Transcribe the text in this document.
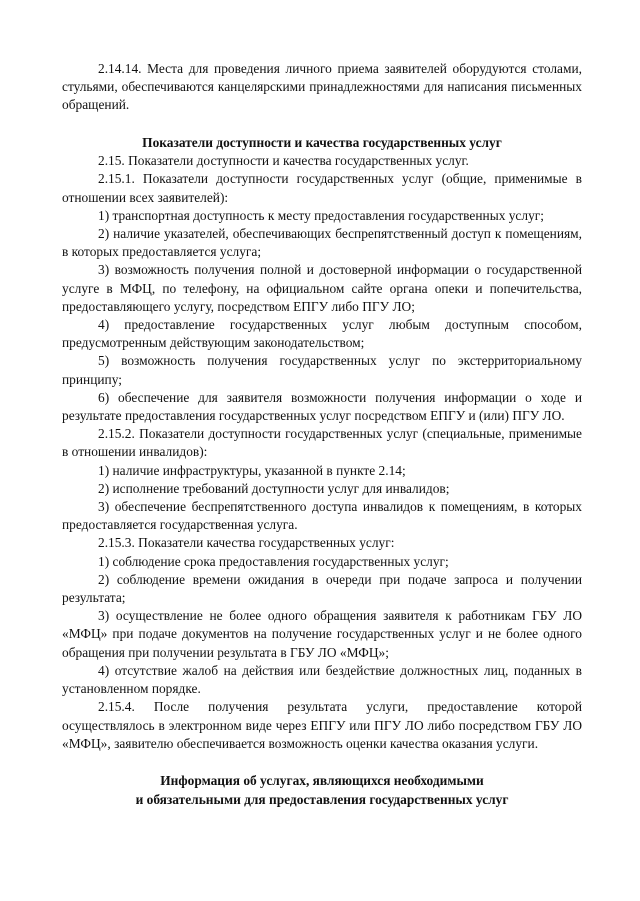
2.14.14. Места для проведения личного приема заявителей оборудуются столами, стульями, обеспечиваются канцелярскими принадлежностями для написания письменных обращений.

Показатели доступности и качества государственных услуг

2.15. Показатели доступности и качества государственных услуг.

2.15.1. Показатели доступности государственных услуг (общие, применимые в отношении всех заявителей):

1) транспортная доступность к месту предоставления государственных услуг;

2) наличие указателей, обеспечивающих беспрепятственный доступ к помещениям, в которых предоставляется услуга;

3) возможность получения полной и достоверной информации о государственной услуге в МФЦ, по телефону, на официальном сайте органа опеки и попечительства, предоставляющего услугу, посредством ЕПГУ либо ПГУ ЛО;

4) предоставление государственных услуг любым доступным способом, предусмотренным действующим законодательством;

5) возможность получения государственных услуг по экстерриториальному принципу;

6) обеспечение для заявителя возможности получения информации о ходе и результате предоставления государственных услуг посредством ЕПГУ и (или) ПГУ ЛО.

2.15.2. Показатели доступности государственных услуг (специальные, применимые в отношении инвалидов):

1) наличие инфраструктуры, указанной в пункте 2.14;

2) исполнение требований доступности услуг для инвалидов;

3) обеспечение беспрепятственного доступа инвалидов к помещениям, в которых предоставляется государственная услуга.

2.15.3. Показатели качества государственных услуг:

1) соблюдение срока предоставления государственных услуг;

2) соблюдение времени ожидания в очереди при подаче запроса и получении результата;

3) осуществление не более одного обращения заявителя к работникам ГБУ ЛО «МФЦ» при подаче документов на получение государственных услуг и не более одного обращения при получении результата в ГБУ ЛО «МФЦ»;

4) отсутствие жалоб на действия или бездействие должностных лиц, поданных в установленном порядке.

2.15.4. После получения результата услуги, предоставление которой осуществлялось в электронном виде через ЕПГУ или ПГУ ЛО либо посредством ГБУ ЛО «МФЦ», заявителю обеспечивается возможность оценки качества оказания услуги.

Информация об услугах, являющихся необходимыми

и обязательными для предоставления государственных услуг
